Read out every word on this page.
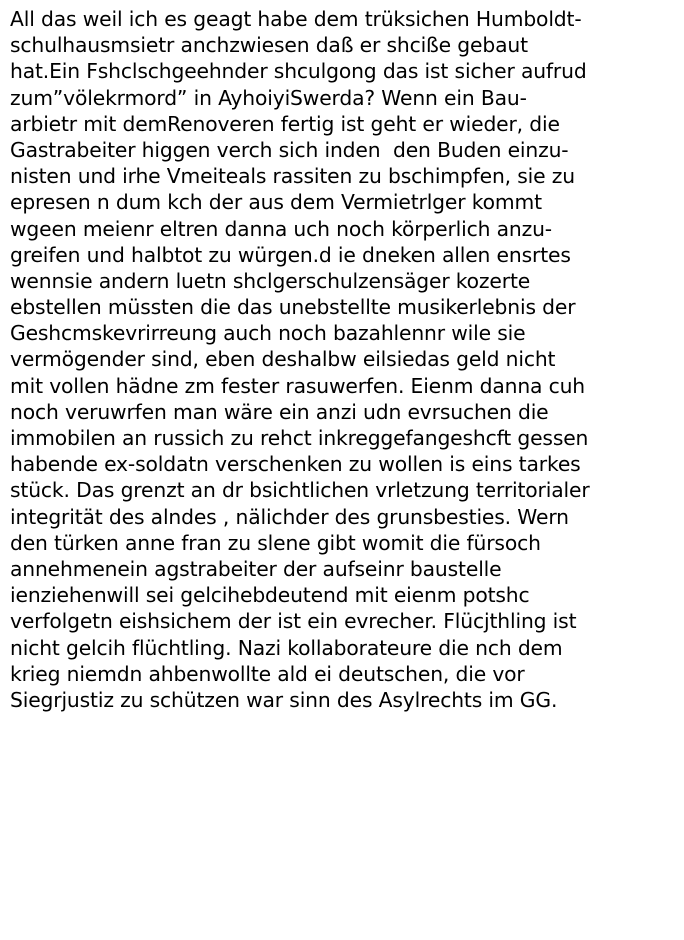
All das weil ich es geagt habe dem trüksichen Humboldt-
schulhausmsietr anchzwiesen daß er shciße gebaut
hat.Ein Fshclschgeehnder shculgong das ist sicher aufrud
zum”völekrmord” in AyhoiyiSwerda? Wenn ein Bau-
arbietr mit demRenoveren fertig ist geht er wieder, die
Gastrabeiter higgen verch sich inden  den Buden einzu-
nisten und irhe Vmeiteals rassiten zu bschimpfen, sie zu
epresen n dum kch der aus dem Vermietrlger kommt
wgeen meienr eltren danna uch noch körperlich anzu-
greifen und halbtot zu würgen.d ie dneken allen ensrtes
wennsie andern luetn shclgerschulzensäger kozerte
ebstellen müssten die das unebstellte musikerlebnis der
Geshcmskevrirreung auch noch bazahlennr wile sie
vermögender sind, eben deshalbw eilsiedas geld nicht
mit vollen hädne zm fester rasuwerfen. Eienm danna cuh
noch veruwrfen man wäre ein anzi udn evrsuchen die
immobilen an russich zu rehct inkreggefangeshcft gessen
habende ex-soldatn verschenken zu wollen is eins tarkes
stück. Das grenzt an dr bsichtlichen vrletzung territorialer
integrität des alndes , nälichder des grunsbesties. Wern
den türken anne fran zu slene gibt womit die fürsoch
annehmenein agstrabeiter der aufseinr baustelle
ienziehenwill sei gelcihebdeutend mit eienm potshc
verfolgetn eishsichem der ist ein evrecher. Flücjthling ist
nicht gelcih flüchtling. Nazi kollaborateure die nch dem
krieg niemdn ahbenwollte ald ei deutschen, die vor
Siegrjustiz zu schützen war sinn des Asylrechts im GG.
